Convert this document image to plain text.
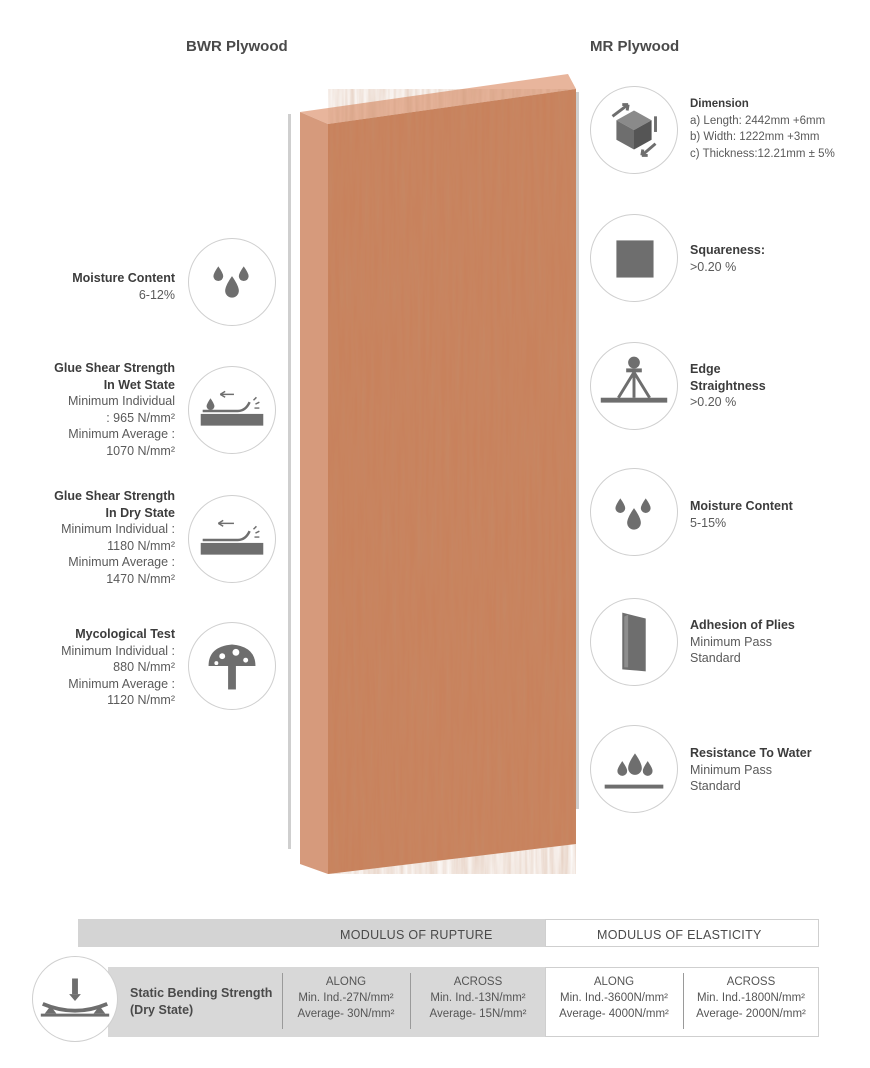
BWR Plywood	MR Plywood
Moisture Content
6-12%
Glue Shear Strength
In Wet State
Minimum Individual
: 965 N/mm²
Minimum Average :
1070 N/mm²
Glue Shear Strength
In Dry State
Minimum Individual :
1180 N/mm²
Minimum Average :
1470 N/mm²
Mycological Test
Minimum Individual :
880 N/mm²
Minimum Average :
1120 N/mm²
Dimension
a) Length: 2442mm +6mm
b) Width: 1222mm +3mm
c) Thickness:12.21mm ± 5%
Squareness:
>0.20 %
Edge
Straightness
>0.20 %
Moisture Content
5-15%
Adhesion of Plies
Minimum Pass
Standard
Resistance To Water
Minimum Pass
Standard
MODULUS OF RUPTURE	MODULUS OF ELASTICITY
Static Bending Strength
(Dry State)
ALONG
Min. Ind.-27N/mm²
Average- 30N/mm²
ACROSS
Min. Ind.-13N/mm²
Average- 15N/mm²
ALONG
Min. Ind.-3600N/mm²
Average- 4000N/mm²
ACROSS
Min. Ind.-1800N/mm²
Average- 2000N/mm²
